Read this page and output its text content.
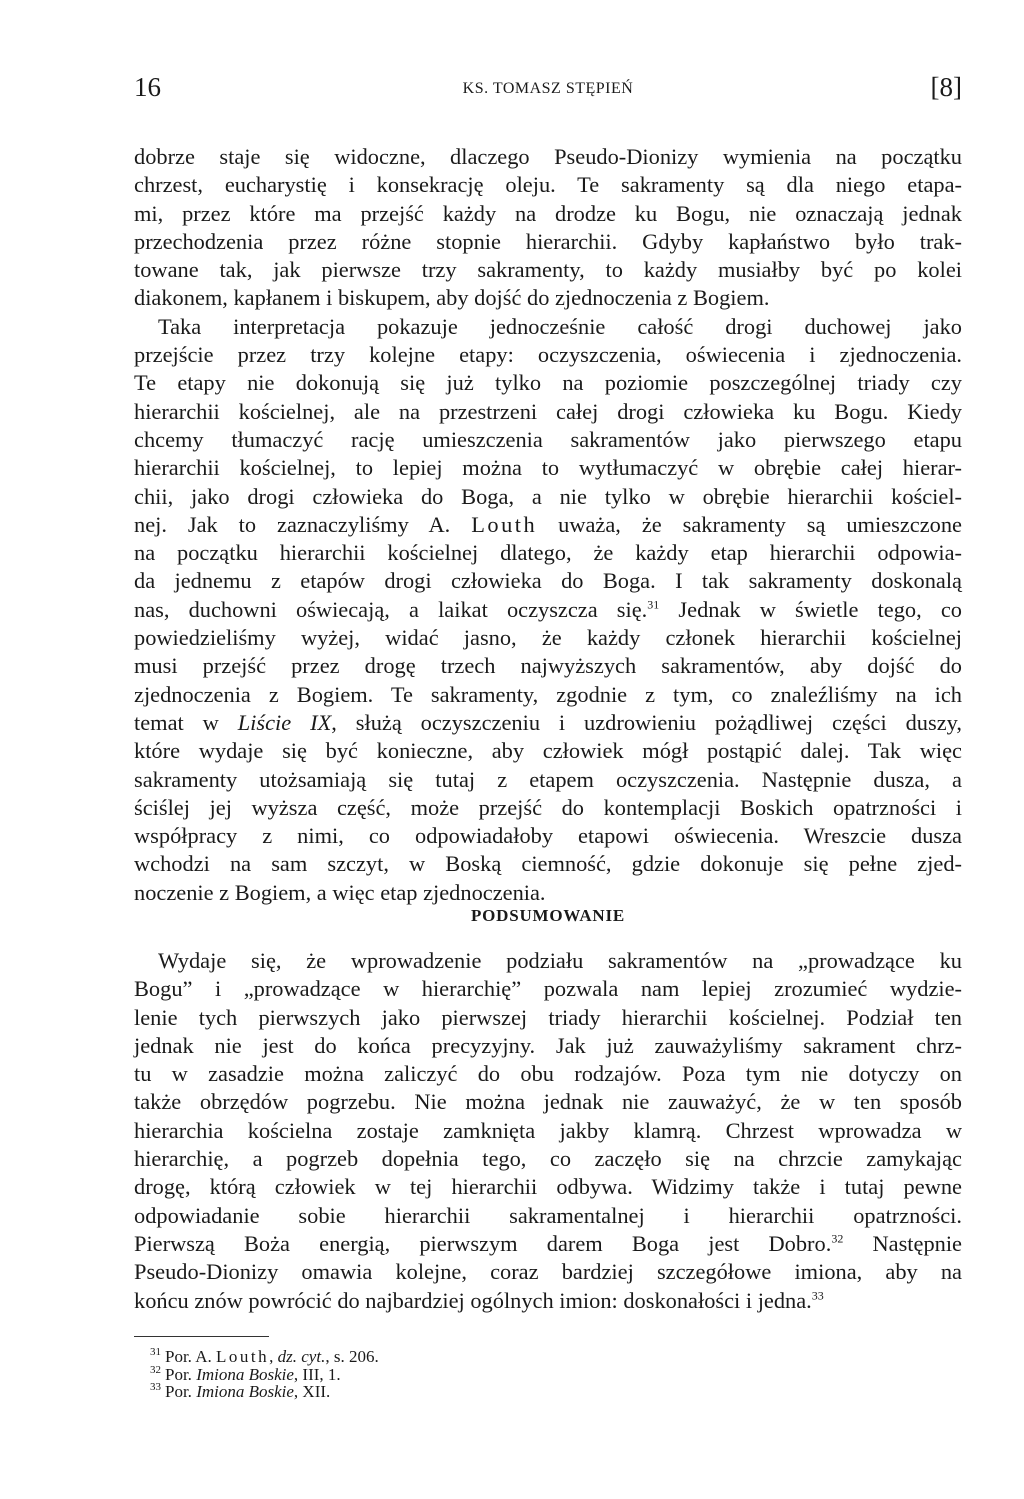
16	KS. TOMASZ STĘPIEŃ	[8]
dobrze staje się widoczne, dlaczego Pseudo-Dionizy wymienia na początku
chrzest, eucharystię i konsekrację oleju. Te sakramenty są dla niego etapa-
mi, przez które ma przejść każdy na drodze ku Bogu, nie oznaczają jednak
przechodzenia przez różne stopnie hierarchii. Gdyby kapłaństwo było trak-
towane tak, jak pierwsze trzy sakramenty, to każdy musiałby być po kolei
diakonem, kapłanem i biskupem, aby dojść do zjednoczenia z Bogiem.
Taka interpretacja pokazuje jednocześnie całość drogi duchowej jako
przejście przez trzy kolejne etapy: oczyszczenia, oświecenia i zjednoczenia.
Te etapy nie dokonują się już tylko na poziomie poszczególnej triady czy
hierarchii kościelnej, ale na przestrzeni całej drogi człowieka ku Bogu. Kiedy
chcemy tłumaczyć rację umieszczenia sakramentów jako pierwszego etapu
hierarchii kościelnej, to lepiej można to wytłumaczyć w obrębie całej hierar-
chii, jako drogi człowieka do Boga, a nie tylko w obrębie hierarchii kościel-
nej. Jak to zaznaczyliśmy A. Louth uważa, że sakramenty są umieszczone
na początku hierarchii kościelnej dlatego, że każdy etap hierarchii odpowia-
da jednemu z etapów drogi człowieka do Boga. I tak sakramenty doskonalą
nas, duchowni oświecają, a laikat oczyszcza się.$^{31}$ Jednak w świetle tego, co
powiedzieliśmy wyżej, widać jasno, że każdy członek hierarchii kościelnej
musi przejść przez drogę trzech najwyższych sakramentów, aby dojść do
zjednoczenia z Bogiem. Te sakramenty, zgodnie z tym, co znaleźliśmy na ich
temat w Liście IX, służą oczyszczeniu i uzdrowieniu pożądliwej części duszy,
które wydaje się być konieczne, aby człowiek mógł postąpić dalej. Tak więc
sakramenty utożsamiają się tutaj z etapem oczyszczenia. Następnie dusza, a
ściślej jej wyższa część, może przejść do kontemplacji Boskich opatrzności i
współpracy z nimi, co odpowiadałoby etapowi oświecenia. Wreszcie dusza
wchodzi na sam szczyt, w Boską ciemność, gdzie dokonuje się pełne zjed-
noczenie z Bogiem, a więc etap zjednoczenia.
PODSUMOWANIE
Wydaje się, że wprowadzenie podziału sakramentów na „prowadzące ku
Bogu” i „prowadzące w hierarchię” pozwala nam lepiej zrozumieć wydzie-
lenie tych pierwszych jako pierwszej triady hierarchii kościelnej. Podział ten
jednak nie jest do końca precyzyjny. Jak już zauważyliśmy sakrament chrz-
tu w zasadzie można zaliczyć do obu rodzajów. Poza tym nie dotyczy on
także obrzędów pogrzebu. Nie można jednak nie zauważyć, że w ten sposób
hierarchia kościelna zostaje zamknięta jakby klamrą. Chrzest wprowadza w
hierarchię, a pogrzeb dopełnia tego, co zaczęło się na chrzcie zamykając
drogę, którą człowiek w tej hierarchii odbywa. Widzimy także i tutaj pewne
odpowiadanie sobie hierarchii sakramentalnej i hierarchii opatrzności.
Pierwszą Boża energią, pierwszym darem Boga jest Dobro.$^{32}$ Następnie
Pseudo-Dionizy omawia kolejne, coraz bardziej szczegółowe imiona, aby na
końcu znów powrócić do najbardziej ogólnych imion: doskonałości i jedna.$^{33}$
$^{31}$ Por. A. Louth, dz. cyt., s. 206.
$^{32}$ Por. Imiona Boskie, III, 1.
$^{33}$ Por. Imiona Boskie, XII.
